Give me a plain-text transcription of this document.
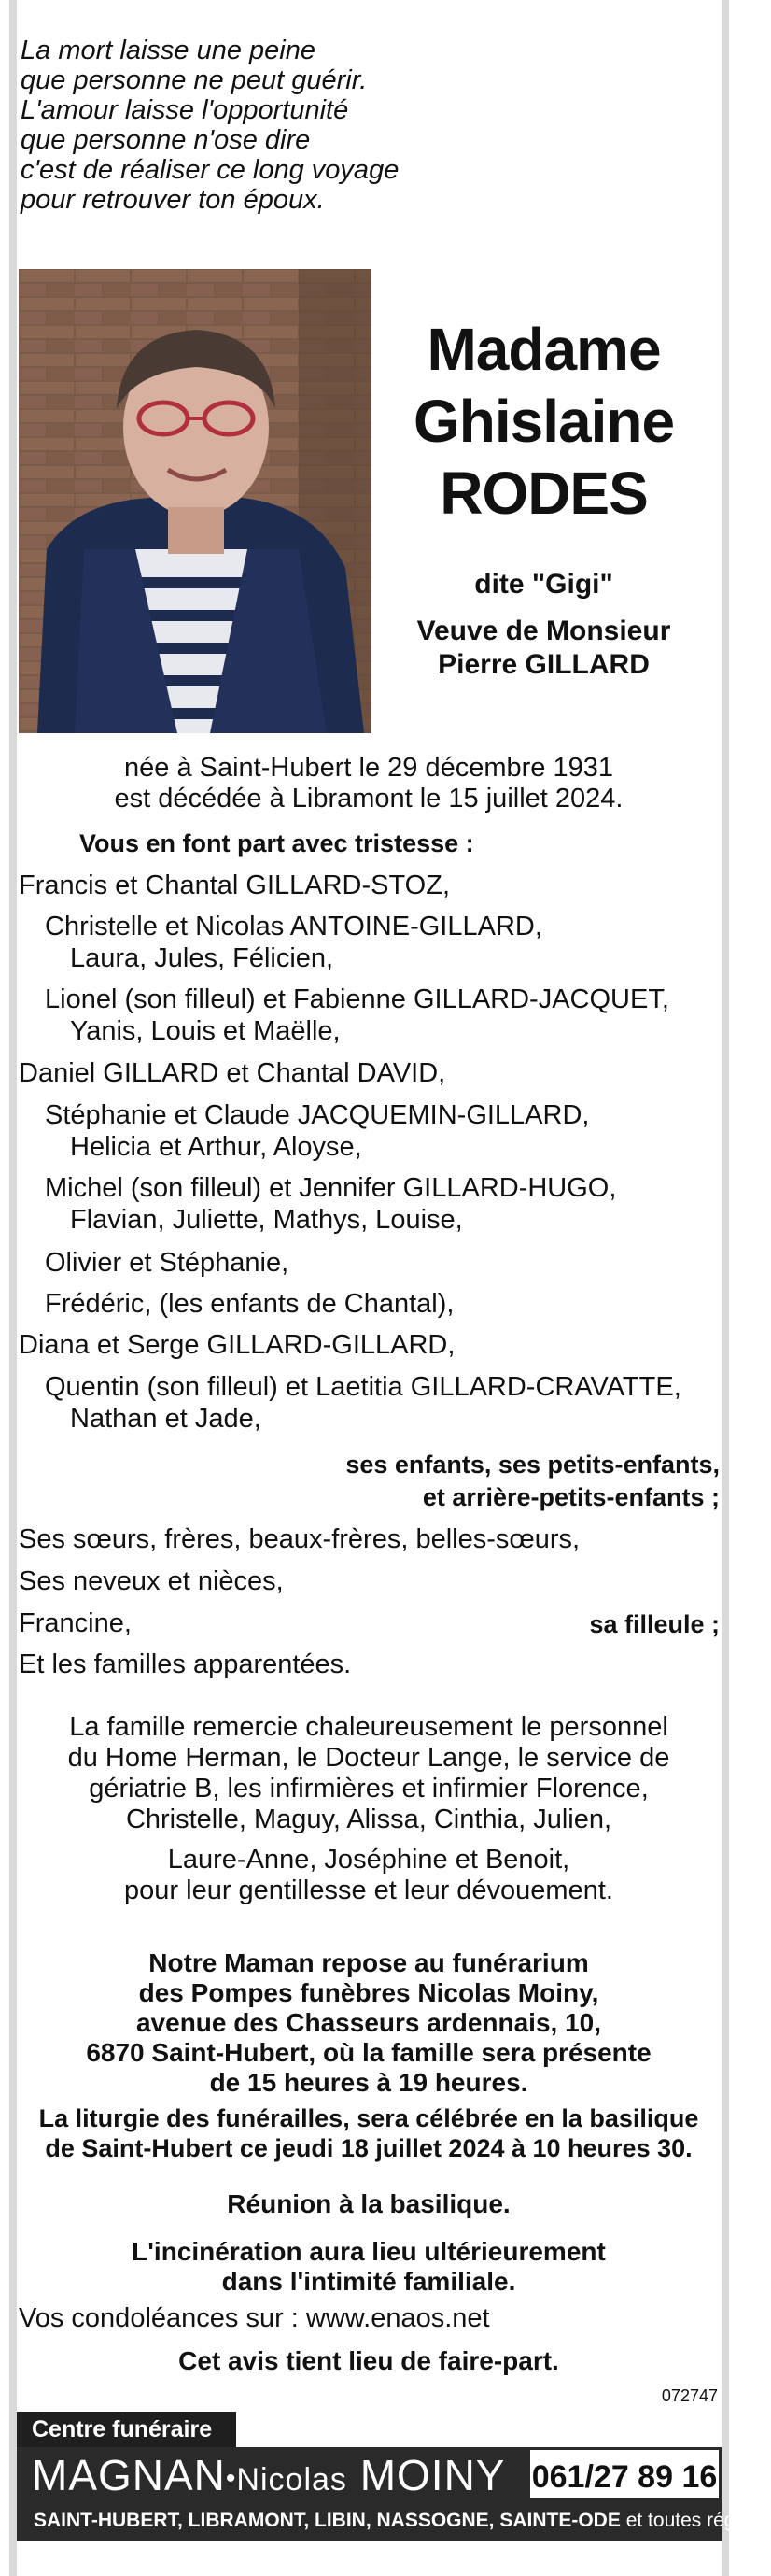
La mort laisse une peine
que personne ne peut guérir.
L'amour laisse l'opportunité
que personne n'ose dire
c'est de réaliser ce long voyage
pour retrouver ton époux.
Madame
Ghislaine
RODES
dite "Gigi"
Veuve de Monsieur
Pierre GILLARD
née à Saint-Hubert le 29 décembre 1931
est décédée à Libramont le 15 juillet 2024.
Vous en font part avec tristesse :
Francis et Chantal GILLARD-STOZ,
Christelle et Nicolas ANTOINE-GILLARD,
Laura, Jules, Félicien,
Lionel (son filleul) et Fabienne GILLARD-JACQUET,
Yanis, Louis et Maëlle,
Daniel GILLARD et Chantal DAVID,
Stéphanie et Claude JACQUEMIN-GILLARD,
Helicia et Arthur, Aloyse,
Michel (son filleul) et Jennifer GILLARD-HUGO,
Flavian, Juliette, Mathys, Louise,
Olivier et Stéphanie,
Frédéric, (les enfants de Chantal),
Diana et Serge GILLARD-GILLARD,
Quentin (son filleul) et Laetitia GILLARD-CRAVATTE,
Nathan et Jade,
ses enfants, ses petits-enfants,
et arrière-petits-enfants ;
Ses sœurs, frères, beaux-frères, belles-sœurs,
Ses neveux et nièces,
Francine,	sa filleule ;
Et les familles apparentées.
La famille remercie chaleureusement le personnel
du Home Herman, le Docteur Lange, le service de
gériatrie B, les infirmières et infirmier Florence,
Christelle, Maguy, Alissa, Cinthia, Julien,
Laure-Anne, Joséphine et Benoit,
pour leur gentillesse et leur dévouement.
Notre Maman repose au funérarium
des Pompes funèbres Nicolas Moiny,
avenue des Chasseurs ardennais, 10,
6870 Saint-Hubert, où la famille sera présente
de 15 heures à 19 heures.
La liturgie des funérailles, sera célébrée en la basilique
de Saint-Hubert ce jeudi 18 juillet 2024 à 10 heures 30.
Réunion à la basilique.
L'incinération aura lieu ultérieurement
dans l'intimité familiale.
Vos condoléances sur : www.enaos.net
Cet avis tient lieu de faire-part.
072747
Centre funéraire
MAGNAN•Nicolas MOINY 061/27 89 16
SAINT-HUBERT, LIBRAMONT, LIBIN, NASSOGNE, SAINTE-ODE et toutes régions
